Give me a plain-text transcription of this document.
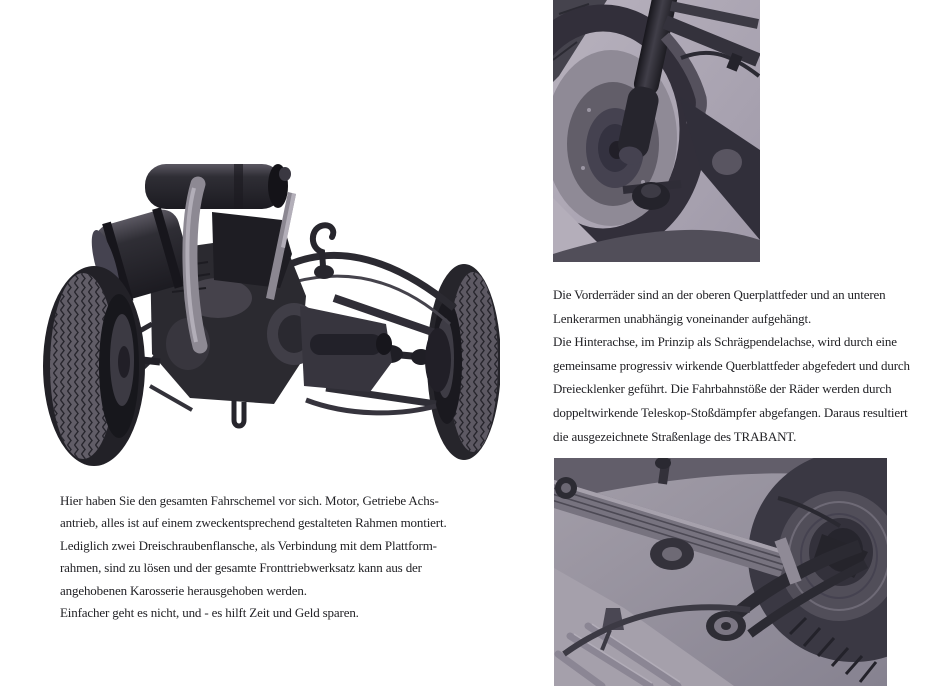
Hier haben Sie den gesamten Fahrschemel vor sich. Motor, Getriebe Achs-
antrieb, alles ist auf einem zweckentsprechend gestalteten Rahmen montiert.
Lediglich zwei Dreischraubenflansche, als Verbindung mit dem Plattform-
rahmen, sind zu lösen und der gesamte Fronttriebwerksatz kann aus der
angehobenen Karosserie herausgehoben werden.
Einfacher geht es nicht, und - es hilft Zeit und Geld sparen.
Die Vorderräder sind an der oberen Querplattfeder und an unteren
Lenkerarmen unabhängig voneinander aufgehängt.
Die Hinterachse, im Prinzip als Schrägpendelachse, wird durch eine
gemeinsame progressiv wirkende Querblattfeder abgefedert und durch
Dreiecklenker geführt. Die Fahrbahnstöße der Räder werden durch
doppeltwirkende Teleskop-Stoßdämpfer abgefangen. Daraus resultiert
die ausgezeichnete Straßenlage des TRABANT.
